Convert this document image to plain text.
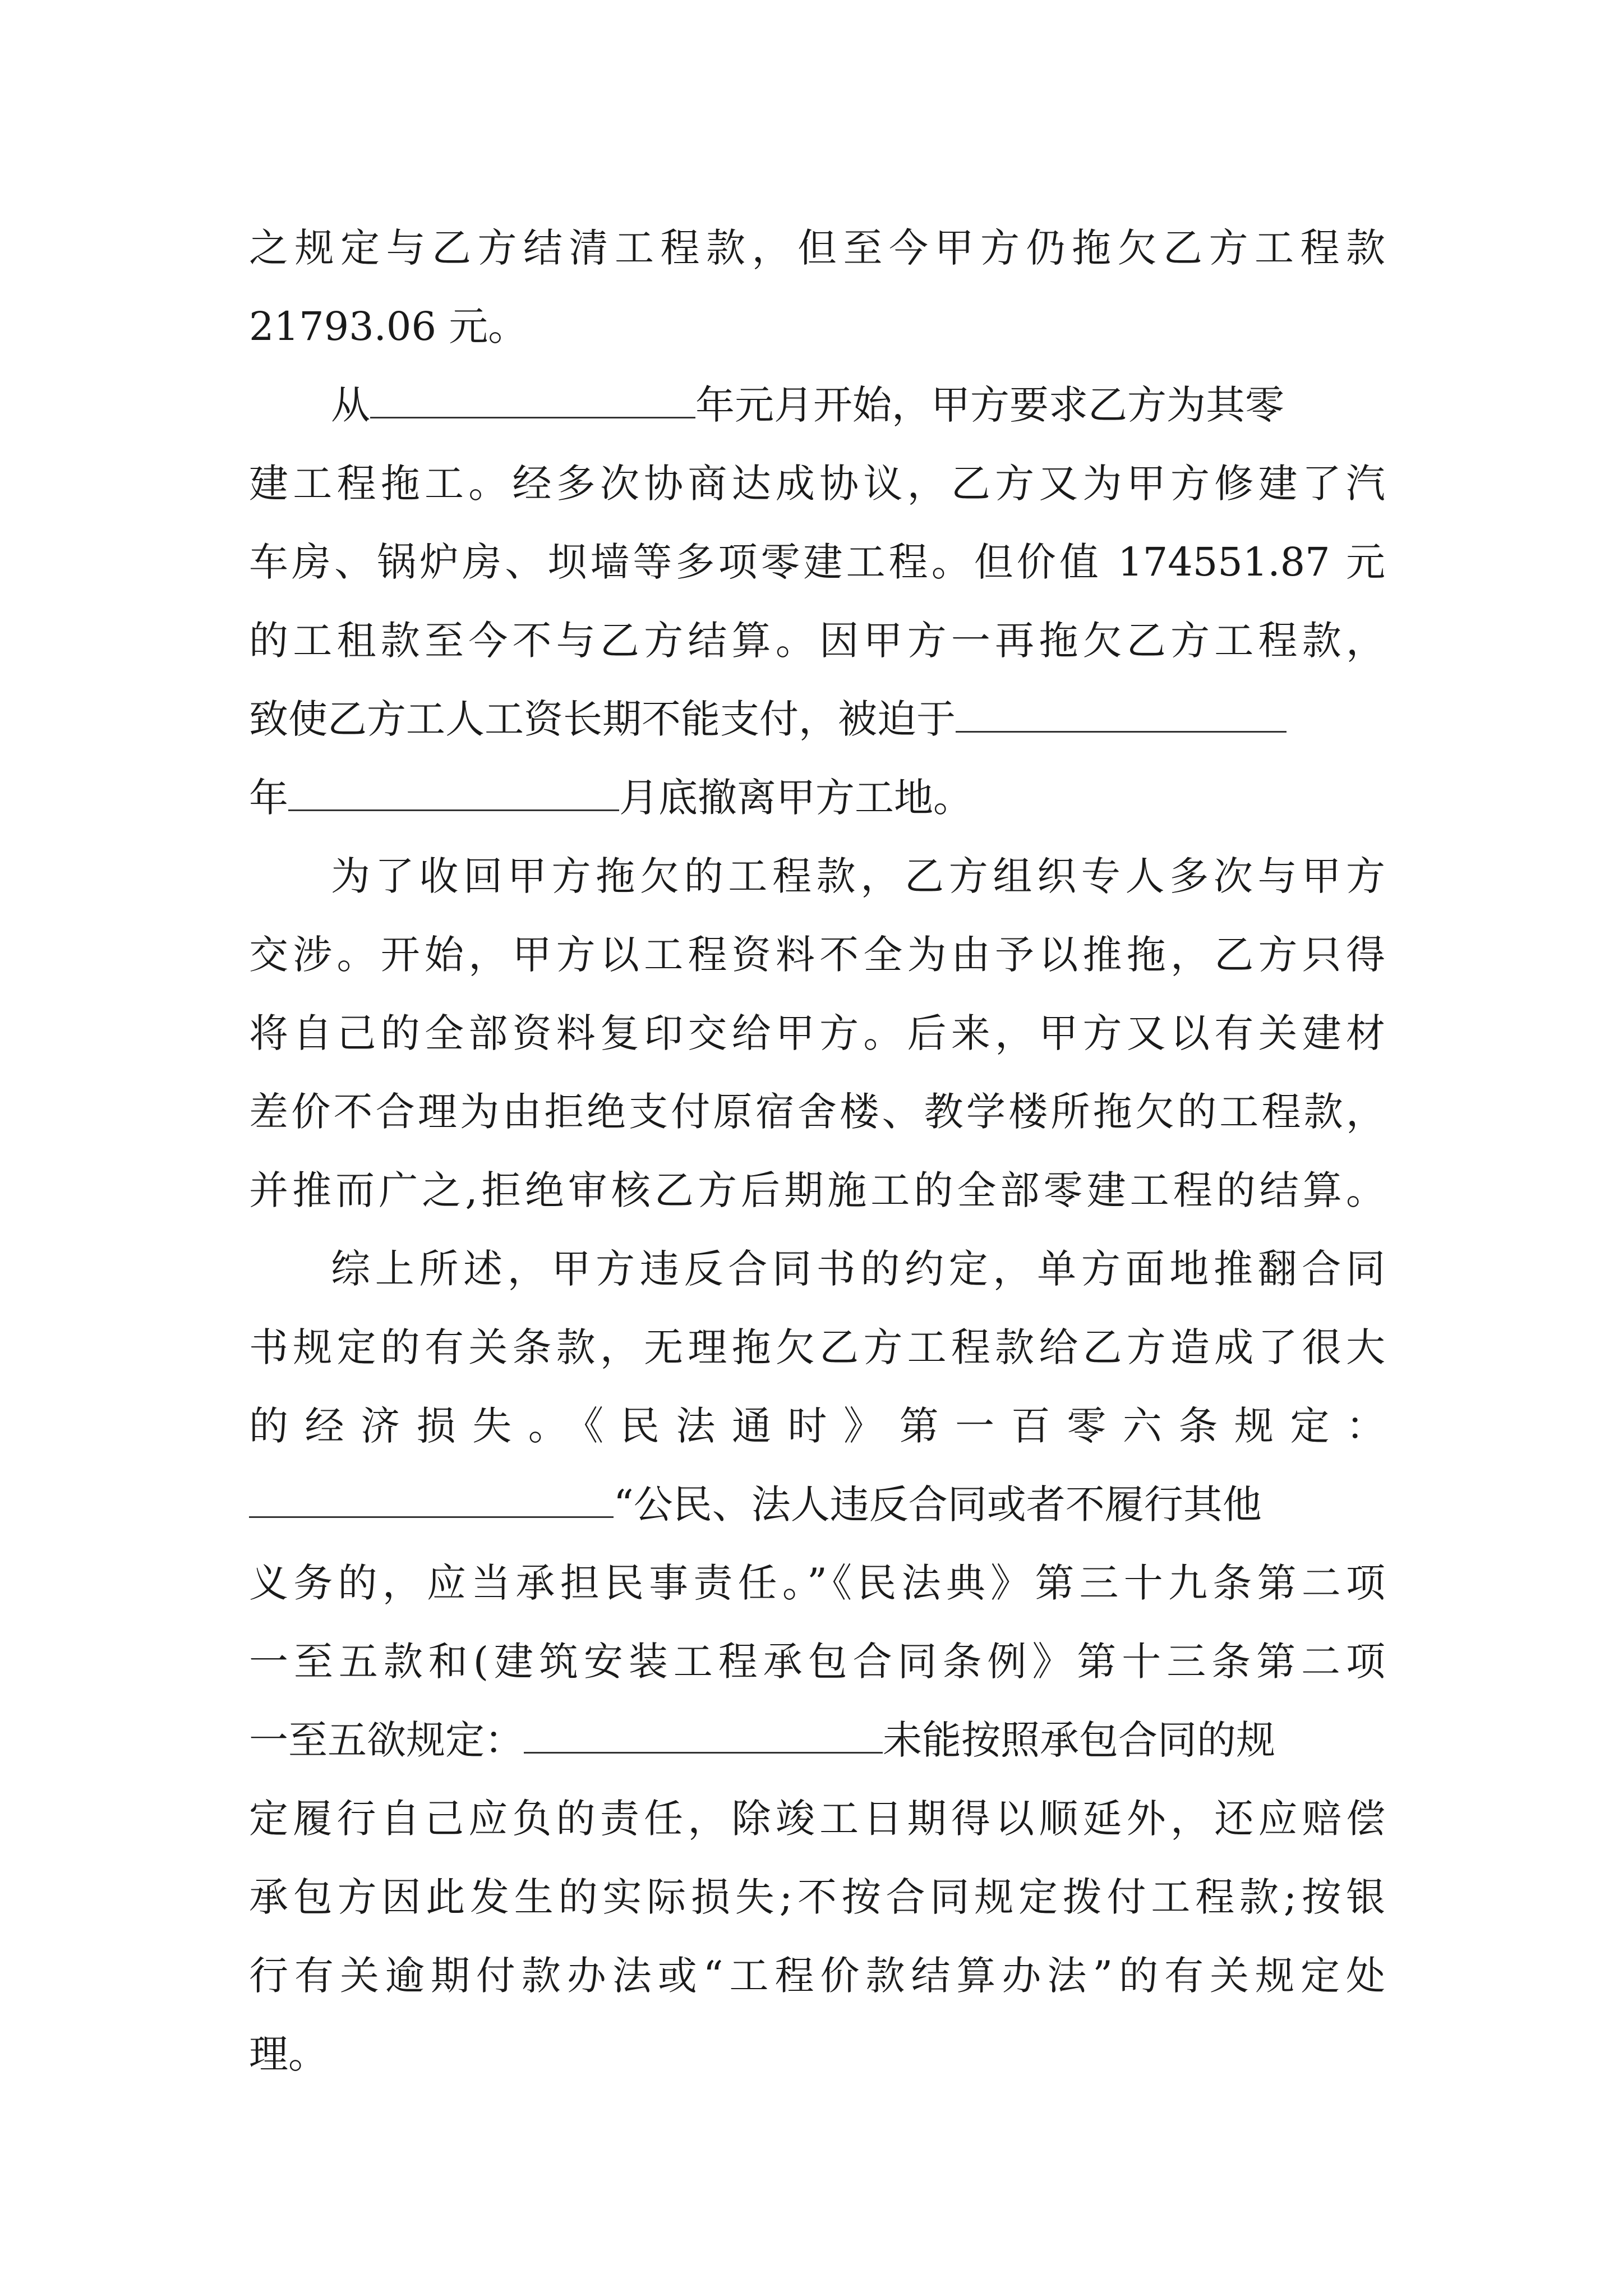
之规定与乙方结清工程款，但至今甲方仍拖欠乙方工程款
21793.06 元。
从	年元月开始，甲方要求乙方为其零
建工程拖工。经多次协商达成协议，乙方又为甲方修建了汽
车房、锅炉房、坝墙等多项零建工程。但价值 174551.87 元
的工租款至今不与乙方结算。因甲方一再拖欠乙方工程款，
致使乙方工人工资长期不能支付，被迫于
年	月底撤离甲方工地。
为了收回甲方拖欠的工程款，乙方组织专人多次与甲方
交涉。开始，甲方以工程资料不全为由予以推拖，乙方只得
将自己的全部资料复印交给甲方。后来，甲方又以有关建材
差价不合理为由拒绝支付原宿舍楼、教学楼所拖欠的工程款，
并推而广之,拒绝审核乙方后期施工的全部零建工程的结算。
综上所述，甲方违反合同书的约定，单方面地推翻合同
书规定的有关条款，无理拖欠乙方工程款给乙方造成了很大
的经济损失。《民法通时》第一百零六条规定：
“公民、法人违反合同或者不履行其他
义务的，应当承担民事责任。”《民法典》第三十九条第二项
一至五款和(建筑安装工程承包合同条例》第十三条第二项
一至五欲规定：	未能按照承包合同的规
定履行自己应负的责任，除竣工日期得以顺延外，还应赔偿
承包方因此发生的实际损失;不按合同规定拨付工程款;按银
行有关逾期付款办法或“工程价款结算办法”的有关规定处
理。
